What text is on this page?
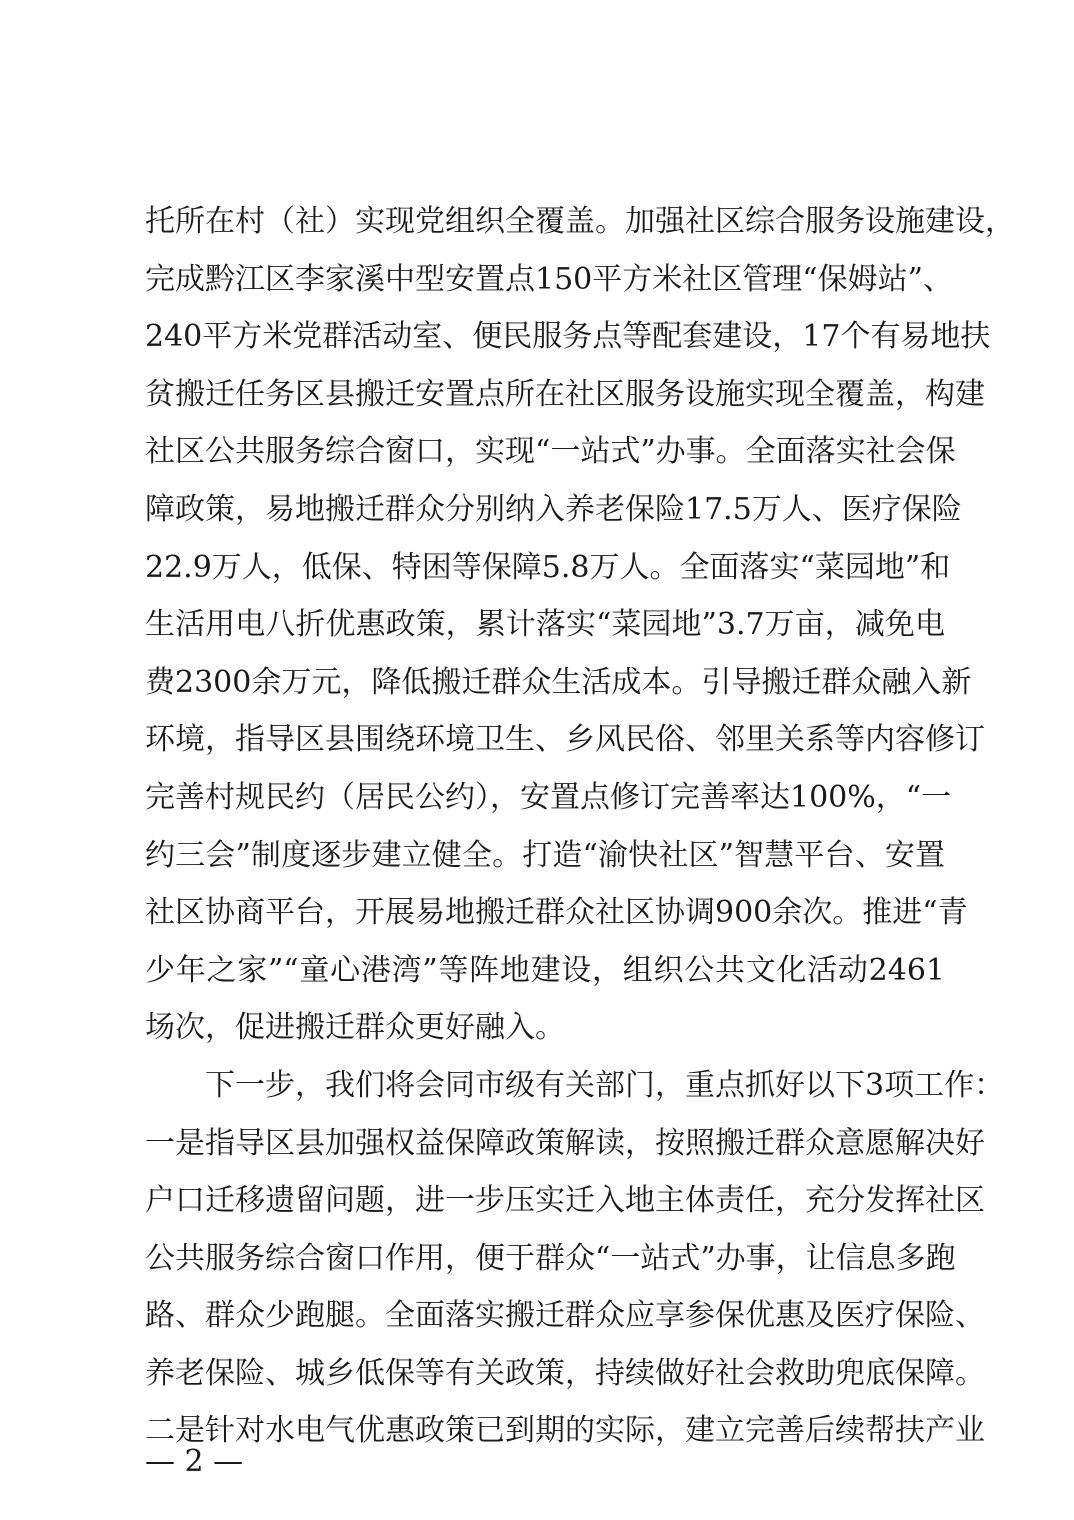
托所在村（社）实现党组织全覆盖。加强社区综合服务设施建设，
完成黔江区李家溪中型安置点150平方米社区管理“保姆站”、
240平方米党群活动室、便民服务点等配套建设，17个有易地扶
贫搬迁任务区县搬迁安置点所在社区服务设施实现全覆盖，构建
社区公共服务综合窗口，实现“一站式”办事。全面落实社会保
障政策，易地搬迁群众分别纳入养老保险17.5万人、医疗保险
22.9万人，低保、特困等保障5.8万人。全面落实“菜园地”和
生活用电八折优惠政策，累计落实“菜园地”3.7万亩，减免电
费2300余万元，降低搬迁群众生活成本。引导搬迁群众融入新
环境，指导区县围绕环境卫生、乡风民俗、邻里关系等内容修订
完善村规民约（居民公约），安置点修订完善率达100%，“一
约三会”制度逐步建立健全。打造“渝快社区”智慧平台、安置
社区协商平台，开展易地搬迁群众社区协调900余次。推进“青
少年之家”“童心港湾”等阵地建设，组织公共文化活动2461
场次，促进搬迁群众更好融入。
下一步，我们将会同市级有关部门，重点抓好以下3项工作：
一是指导区县加强权益保障政策解读，按照搬迁群众意愿解决好
户口迁移遗留问题，进一步压实迁入地主体责任，充分发挥社区
公共服务综合窗口作用，便于群众“一站式”办事，让信息多跑
路、群众少跑腿。全面落实搬迁群众应享参保优惠及医疗保险、
养老保险、城乡低保等有关政策，持续做好社会救助兜底保障。
二是针对水电气优惠政策已到期的实际，建立完善后续帮扶产业
— 2 —
